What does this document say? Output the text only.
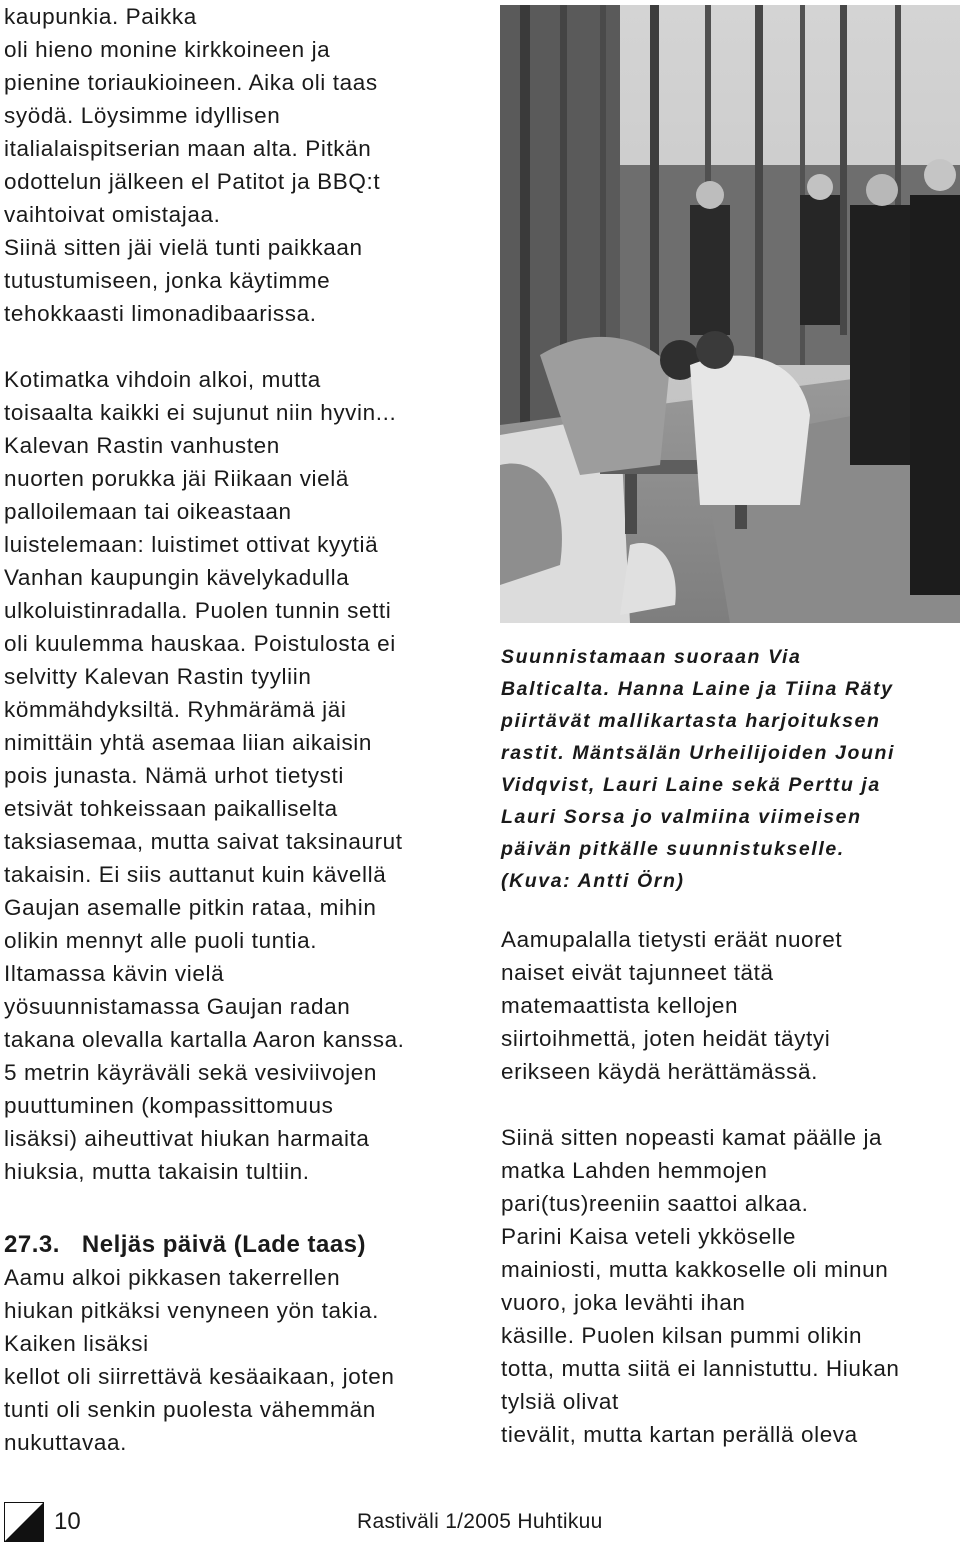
kaupunkia. Paikka
oli hieno monine kirkkoineen ja
pienine toriaukioineen. Aika oli taas
syödä. Löysimme idyllisen
italialaispitserian maan alta. Pitkän
odottelun jälkeen el Patitot ja BBQ:t
vaihtoivat omistajaa.
Siinä sitten jäi vielä tunti paikkaan
tutustumiseen, jonka käytimme
tehokkaasti limonadibaarissa.
Kotimatka vihdoin alkoi, mutta
toisaalta kaikki ei sujunut niin hyvin...
Kalevan Rastin vanhusten
nuorten porukka jäi Riikaan vielä
palloilemaan tai oikeastaan
luistelemaan: luistimet ottivat kyytiä
Vanhan kaupungin kävelykadulla
ulkoluistinradalla. Puolen tunnin setti
oli kuulemma hauskaa. Poistulosta ei
selvitty Kalevan Rastin tyyliin
kömmähdyksiltä. Ryhmärämä jäi
nimittäin yhtä asemaa liian aikaisin
pois junasta. Nämä urhot tietysti
etsivät tohkeissaan paikalliselta
taksiasemaa, mutta saivat taksinaurut
takaisin. Ei siis auttanut kuin kävellä
Gaujan asemalle pitkin rataa, mihin
olikin mennyt alle puoli tuntia.
Iltamassa kävin vielä
yösuunnistamassa Gaujan radan
takana olevalla kartalla Aaron kanssa.
5 metrin käyräväli sekä vesiviivojen
puuttuminen (kompassittomuus
lisäksi) aiheuttivat hiukan harmaita
hiuksia, mutta takaisin tultiin.
27.3. Neljäs päivä (Lade taas)
Aamu alkoi pikkasen takerrellen
hiukan pitkäksi venyneen yön takia.
Kaiken lisäksi
kellot oli siirrettävä kesäaikaan, joten
tunti oli senkin puolesta vähemmän
nukuttavaa.
Suunnistamaan suoraan Via
Balticalta. Hanna Laine ja Tiina Räty
piirtävät mallikartasta harjoituksen
rastit. Mäntsälän Urheilijoiden Jouni
Vidqvist, Lauri Laine sekä Perttu ja
Lauri Sorsa jo valmiina viimeisen
päivän pitkälle suunnistukselle.
(Kuva: Antti Örn)
Aamupalalla tietysti eräät nuoret
naiset eivät tajunneet tätä
matemaattista kellojen
siirtoihmettä, joten heidät täytyi
erikseen käydä herättämässä.
Siinä sitten nopeasti kamat päälle ja
matka Lahden hemmojen
pari(tus)reeniin saattoi alkaa.
Parini Kaisa veteli ykköselle
mainiosti, mutta kakkoselle oli minun
vuoro, joka levähti ihan
käsille. Puolen kilsan pummi olikin
totta, mutta siitä ei lannistuttu. Hiukan
tylsiä olivat
tievälit, mutta kartan perällä oleva
10	Rastiväli 1/2005 Huhtikuu
